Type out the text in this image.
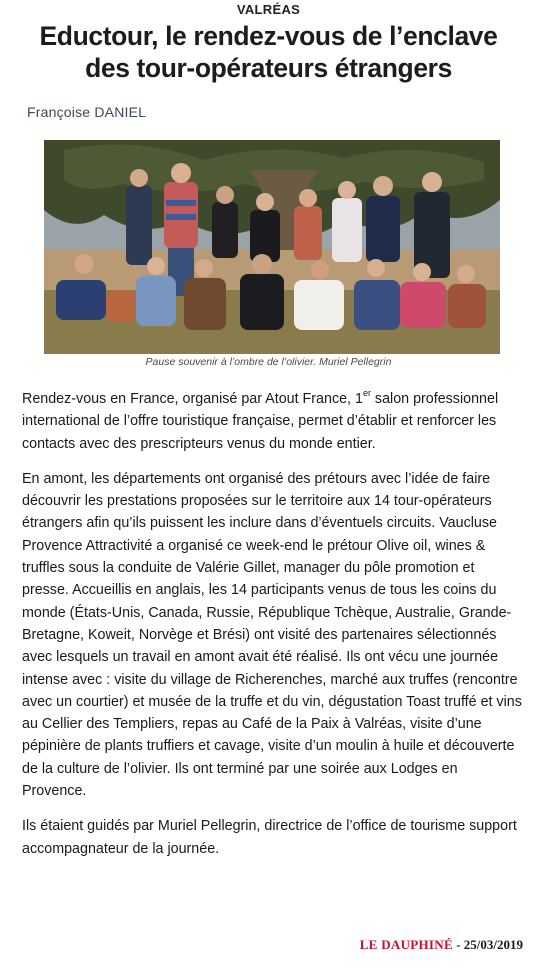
VALRÉAS
Eductour, le rendez-vous de l’enclave
des tour-opérateurs étrangers
Françoise DANIEL
Pause souvenir à l’ombre de l’olivier. Muriel Pellegrin

Rendez-vous en France, organisé par Atout France, 1er salon professionnel international de l’offre touristique française, permet d’établir et renforcer les contacts avec des prescripteurs venus du monde entier.

En amont, les départements ont organisé des prétours avec l’idée de faire découvrir les prestations proposées sur le territoire aux 14 tour-opérateurs étrangers afin qu’ils puissent les inclure dans d’éventuels circuits. Vaucluse Provence Attractivité a organisé ce week-end le prétour Olive oil, wines & truffles sous la conduite de Valérie Gillet, manager du pôle promotion et presse. Accueillis en anglais, les 14 participants venus de tous les coins du monde (États-Unis, Canada, Russie, République Tchèque, Australie, Grande-Bretagne, Koweit, Norvège et Brési) ont visité des partenaires sélectionnés avec lesquels un travail en amont avait été réalisé. Ils ont vécu une journée intense avec : visite du village de Richerenches, marché aux truffes (rencontre avec un courtier) et musée de la truffe et du vin, dégustation Toast truffé et vins au Cellier des Templiers, repas au Café de la Paix à Valréas, visite d’une pépinière de plants truffiers et cavage, visite d’un moulin à huile et découverte de la culture de l’olivier. Ils ont terminé par une soirée aux Lodges en Provence.

Ils étaient guidés par Muriel Pellegrin, directrice de l’office de tourisme support accompagnateur de la journée.

LE DAUPHINÉ - 25/03/2019
